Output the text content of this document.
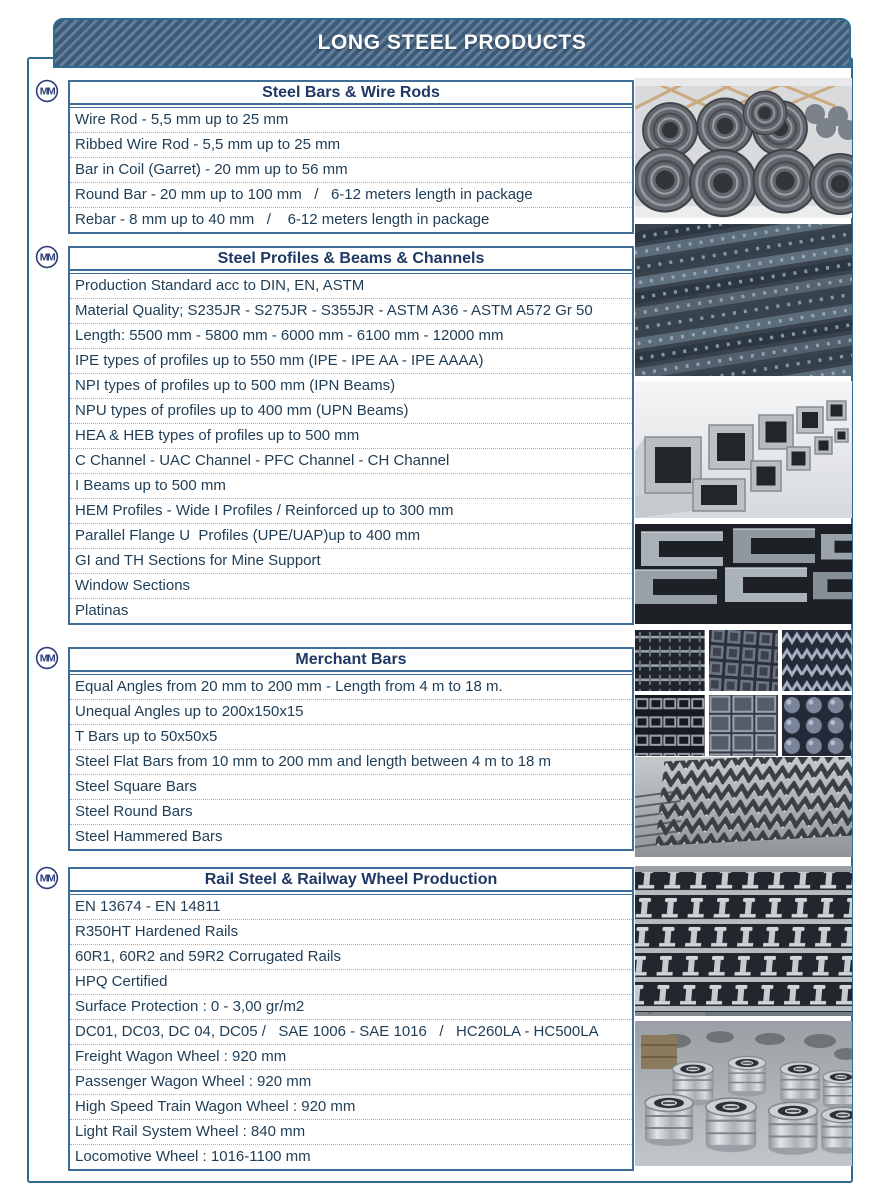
LONG STEEL PRODUCTS
MM
MM
MM
MM
Steel Bars & Wire Rods
Wire Rod - 5,5 mm up to 25 mm
Ribbed Wire Rod - 5,5 mm up to 25 mm
Bar in Coil (Garret) - 20 mm up to 56 mm
Round Bar - 20 mm up to 100 mm   /   6-12 meters length in package
Rebar - 8 mm up to 40 mm   /    6-12 meters length in package
Steel Profiles & Beams & Channels
Production Standard acc to DIN, EN, ASTM
Material Quality; S235JR - S275JR - S355JR - ASTM A36 - ASTM A572 Gr 50
Length: 5500 mm - 5800 mm - 6000 mm - 6100 mm - 12000 mm
IPE types of profiles up to 550 mm (IPE - IPE AA - IPE AAAA)
NPI types of profiles up to 500 mm (IPN Beams)
NPU types of profiles up to 400 mm (UPN Beams)
HEA & HEB types of profiles up to 500 mm
C Channel - UAC Channel - PFC Channel - CH Channel
I Beams up to 500 mm
HEM Profiles - Wide I Profiles / Reinforced up to 300 mm
Parallel Flange U  Profiles (UPE/UAP)up to 400 mm
GI and TH Sections for Mine Support
Window Sections
Platinas
Merchant Bars
Equal Angles from 20 mm to 200 mm - Length from 4 m to 18 m.
Unequal Angles up to 200x150x15
T Bars up to 50x50x5
Steel Flat Bars from 10 mm to 200 mm and length between 4 m to 18 m
Steel Square Bars
Steel Round Bars
Steel Hammered Bars
Rail Steel & Railway Wheel Production
EN 13674 - EN 14811
R350HT Hardened Rails
60R1, 60R2 and 59R2 Corrugated Rails
HPQ Certified
Surface Protection : 0 - 3,00 gr/m2
DC01, DC03, DC 04, DC05 /   SAE 1006 - SAE 1016   /   HC260LA - HC500LA
Freight Wagon Wheel : 920 mm
Passenger Wagon Wheel : 920 mm
High Speed Train Wagon Wheel : 920 mm
Light Rail System Wheel : 840 mm
Locomotive Wheel : 1016-1100 mm
